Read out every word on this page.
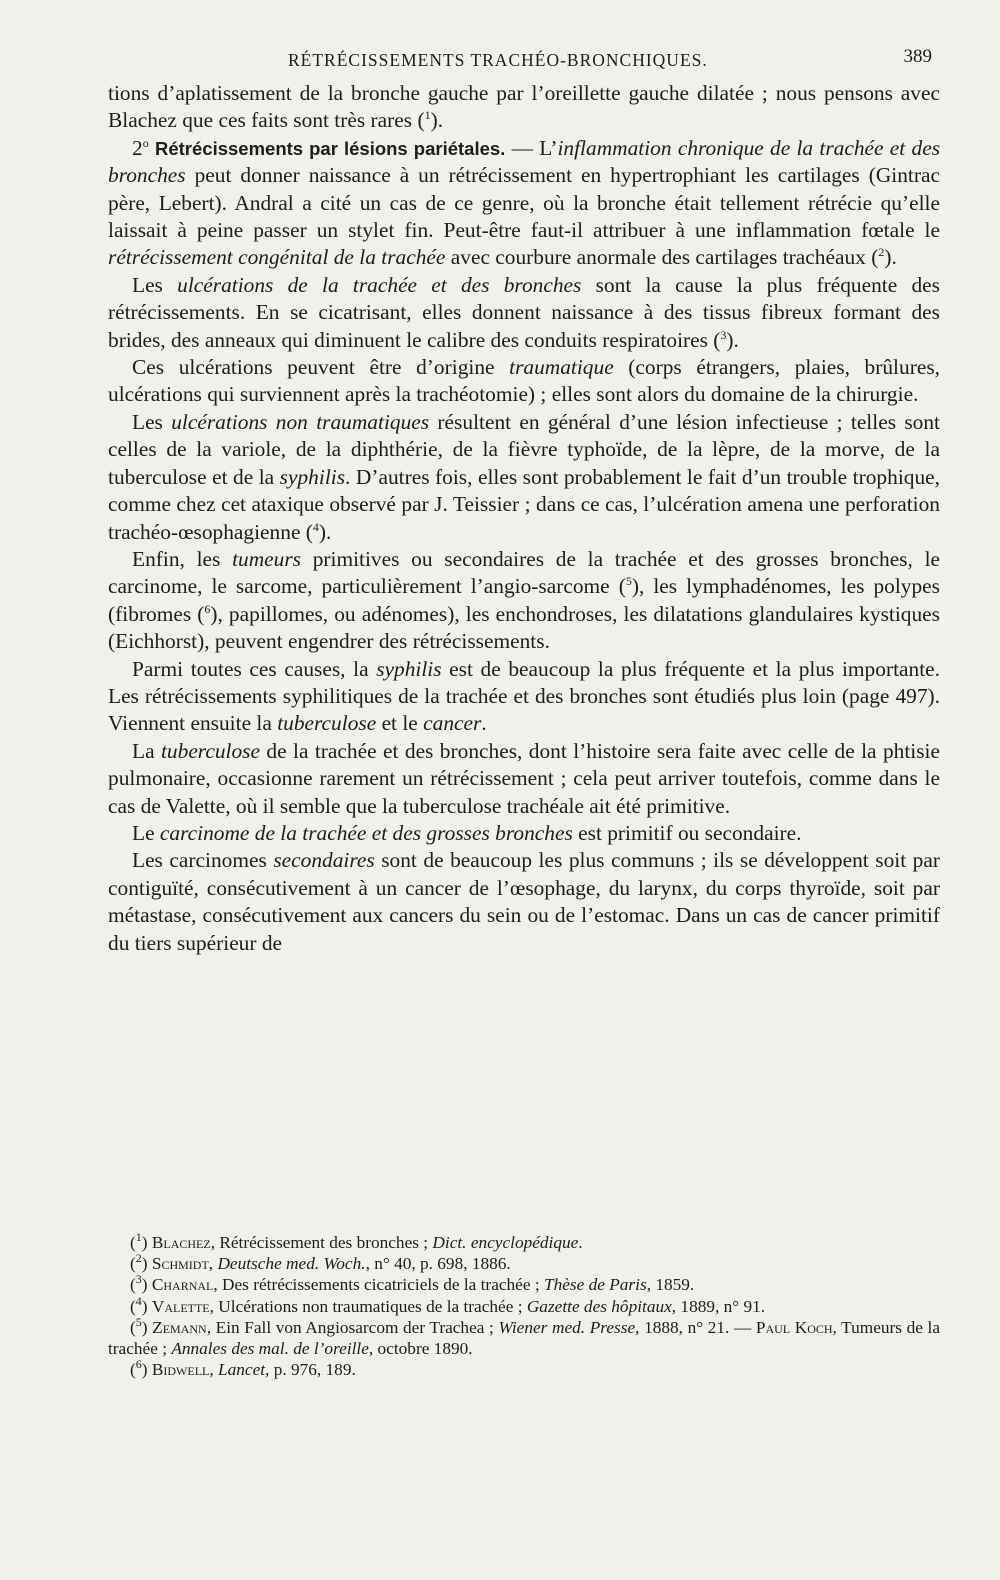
RÉTRÉCISSEMENTS TRACHÉO-BRONCHIQUES.	389

tions d’aplatissement de la bronche gauche par l’oreillette gauche dilatée ; nous pensons avec Blachez que ces faits sont très rares ($^1$).

2$^o$ Rétrécissements par lésions pariétales. — L’inflammation chronique de la trachée et des bronches peut donner naissance à un rétrécissement en hypertrophiant les cartilages (Gintrac père, Lebert). Andral a cité un cas de ce genre, où la bronche était tellement rétrécie qu’elle laissait à peine passer un stylet fin. Peut-être faut-il attribuer à une inflammation fœtale le rétrécissement congénital de la trachée avec courbure anormale des cartilages trachéaux ($^2$).

Les ulcérations de la trachée et des bronches sont la cause la plus fréquente des rétrécissements. En se cicatrisant, elles donnent naissance à des tissus fibreux formant des brides, des anneaux qui diminuent le calibre des conduits respiratoires ($^3$).

Ces ulcérations peuvent être d’origine traumatique (corps étrangers, plaies, brûlures, ulcérations qui surviennent après la trachéotomie) ; elles sont alors du domaine de la chirurgie.

Les ulcérations non traumatiques résultent en général d’une lésion infectieuse ; telles sont celles de la variole, de la diphthérie, de la fièvre typhoïde, de la lèpre, de la morve, de la tuberculose et de la syphilis. D’autres fois, elles sont probablement le fait d’un trouble trophique, comme chez cet ataxique observé par J. Teissier ; dans ce cas, l’ulcération amena une perforation trachéo-œsophagienne ($^4$).

Enfin, les tumeurs primitives ou secondaires de la trachée et des grosses bronches, le carcinome, le sarcome, particulièrement l’angio-sarcome ($^5$), les lymphadénomes, les polypes (fibromes ($^6$), papillomes, ou adénomes), les enchondroses, les dilatations glandulaires kystiques (Eichhorst), peuvent engendrer des rétrécissements.

Parmi toutes ces causes, la syphilis est de beaucoup la plus fréquente et la plus importante. Les rétrécissements syphilitiques de la trachée et des bronches sont étudiés plus loin (page 497). Viennent ensuite la tuberculose et le cancer.

La tuberculose de la trachée et des bronches, dont l’histoire sera faite avec celle de la phtisie pulmonaire, occasionne rarement un rétrécissement ; cela peut arriver toutefois, comme dans le cas de Valette, où il semble que la tuberculose trachéale ait été primitive.

Le carcinome de la trachée et des grosses bronches est primitif ou secondaire.

Les carcinomes secondaires sont de beaucoup les plus communs ; ils se développent soit par contiguïté, consécutivement à un cancer de l’œsophage, du larynx, du corps thyroïde, soit par métastase, consécutivement aux cancers du sein ou de l’estomac. Dans un cas de cancer primitif du tiers supérieur de

($^1$) Blachez, Rétrécissement des bronches ; Dict. encyclopédique.

($^2$) Schmidt, Deutsche med. Woch., n° 40, p. 698, 1886.

($^3$) Charnal, Des rétrécissements cicatriciels de la trachée ; Thèse de Paris, 1859.

($^4$) Valette, Ulcérations non traumatiques de la trachée ; Gazette des hôpitaux, 1889, n° 91.

($^5$) Zemann, Ein Fall von Angiosarcom der Trachea ; Wiener med. Presse, 1888, n° 21. — Paul Koch, Tumeurs de la trachée ; Annales des mal. de l’oreille, octobre 1890.

($^6$) Bidwell, Lancet, p. 976, 189.
